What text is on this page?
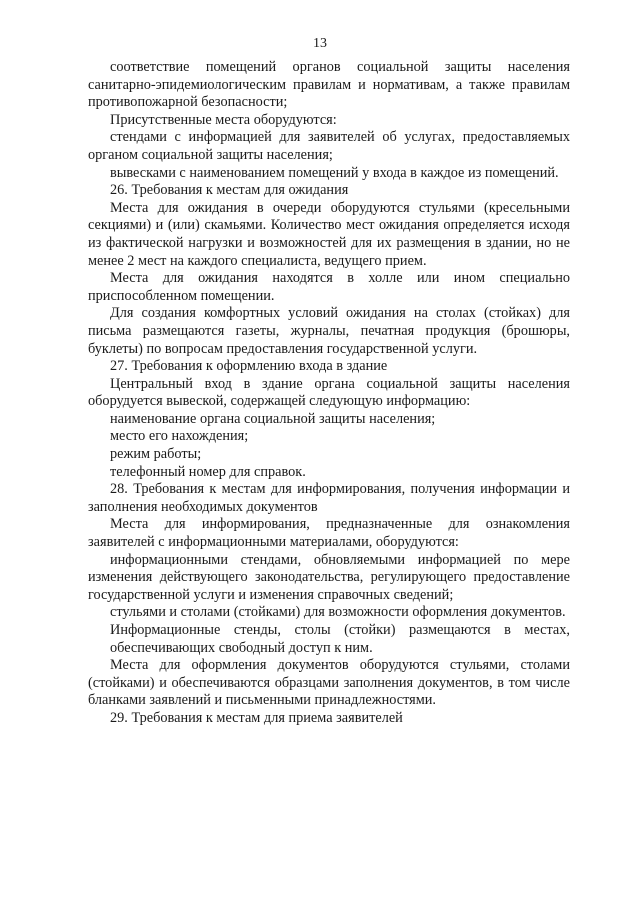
13

соответствие помещений органов социальной защиты населения санитарно-эпидемиологическим правилам и нормативам, а также правилам противопожарной безопасности;

Присутственные места оборудуются:

стендами с информацией для заявителей об услугах, предоставляемых органом социальной защиты населения;

вывесками с наименованием помещений у входа в каждое из помещений.

26. Требования к местам для ожидания

Места для ожидания в очереди оборудуются стульями (кресельными секциями) и (или) скамьями. Количество мест ожидания определяется исходя из фактической нагрузки и возможностей для их размещения в здании, но не менее 2 мест на каждого специалиста, ведущего прием.

Места для ожидания находятся в холле или ином специально приспособленном помещении.

Для создания комфортных условий ожидания на столах (стойках) для письма размещаются газеты, журналы, печатная продукция (брошюры, буклеты) по вопросам предоставления государственной услуги.

27. Требования к оформлению входа в здание

Центральный вход в здание органа социальной защиты населения оборудуется вывеской, содержащей следующую информацию:

наименование органа социальной защиты населения;

место его нахождения;

режим работы;

телефонный номер для справок.

28. Требования к местам для информирования, получения информации и заполнения необходимых документов

Места для информирования, предназначенные для ознакомления заявителей с информационными материалами, оборудуются:

информационными стендами, обновляемыми информацией по мере изменения действующего законодательства, регулирующего предоставление государственной услуги и изменения справочных сведений;

стульями и столами (стойками) для возможности оформления документов.

Информационные стенды, столы (стойки) размещаются в местах, обеспечивающих свободный доступ к ним.

Места для оформления документов оборудуются стульями, столами (стойками) и обеспечиваются образцами заполнения документов, в том числе бланками заявлений и письменными принадлежностями.

29. Требования к местам для приема заявителей
